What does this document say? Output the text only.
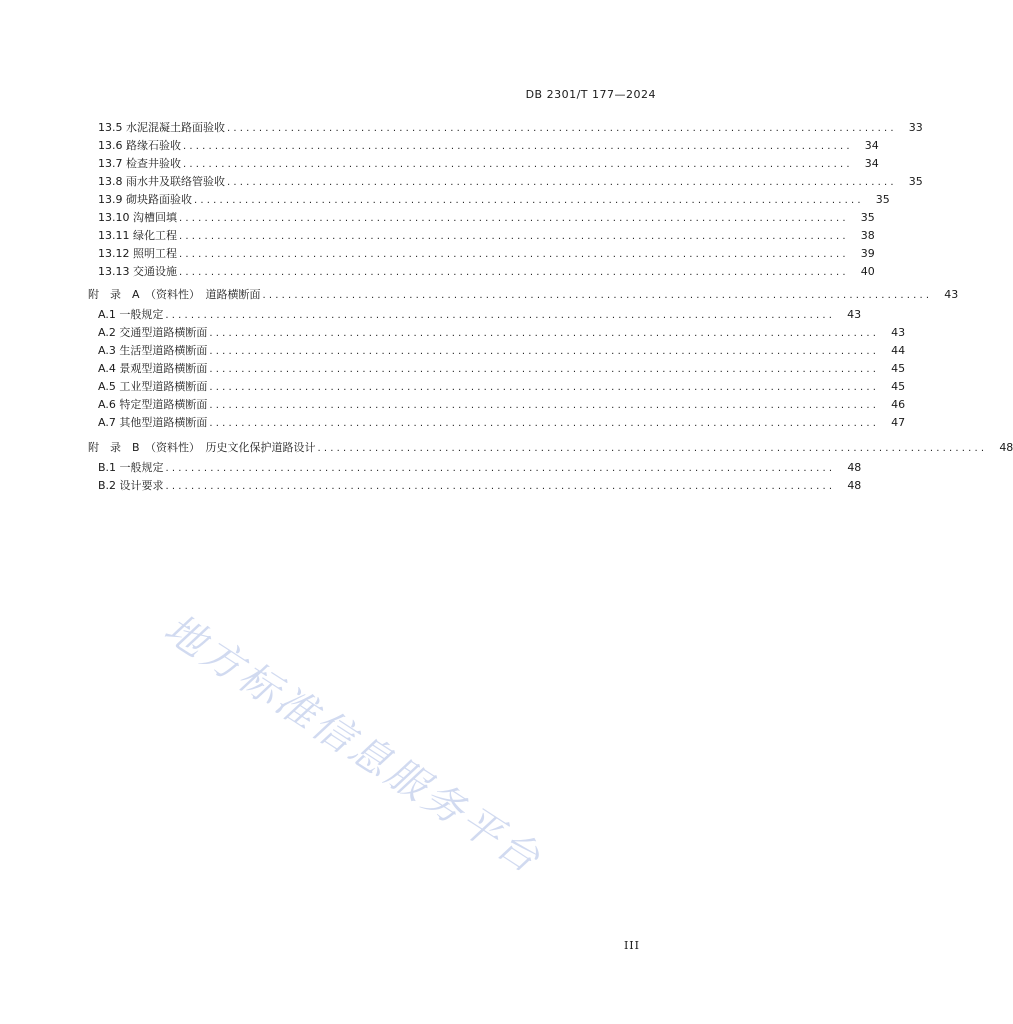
DB 2301/T 177—2024
13.5 水泥混凝土路面验收 .........................................................................................................	33
13.6 路缘石验收 .........................................................................................................	34
13.7 检查井验收 .........................................................................................................	34
13.8 雨水井及联络管验收 .........................................................................................................	35
13.9 砌块路面验收 .........................................................................................................	35
13.10 沟槽回填 .........................................................................................................	35
13.11 绿化工程 .........................................................................................................	38
13.12 照明工程 .........................................................................................................	39
13.13 交通设施 .........................................................................................................	40
附　录　A　（资料性）　道路横断面 .........................................................................................................	43
A.1 一般规定 .........................................................................................................	43
A.2 交通型道路横断面 .........................................................................................................	43
A.3 生活型道路横断面 .........................................................................................................	44
A.4 景观型道路横断面 .........................................................................................................	45
A.5 工业型道路横断面 .........................................................................................................	45
A.6 特定型道路横断面 .........................................................................................................	46
A.7 其他型道路横断面 .........................................................................................................	47
附　录　B　（资料性）　历史文化保护道路设计 .........................................................................................................	48
B.1 一般规定 .........................................................................................................	48
B.2 设计要求 .........................................................................................................	48
地方标准信息服务平台
III
